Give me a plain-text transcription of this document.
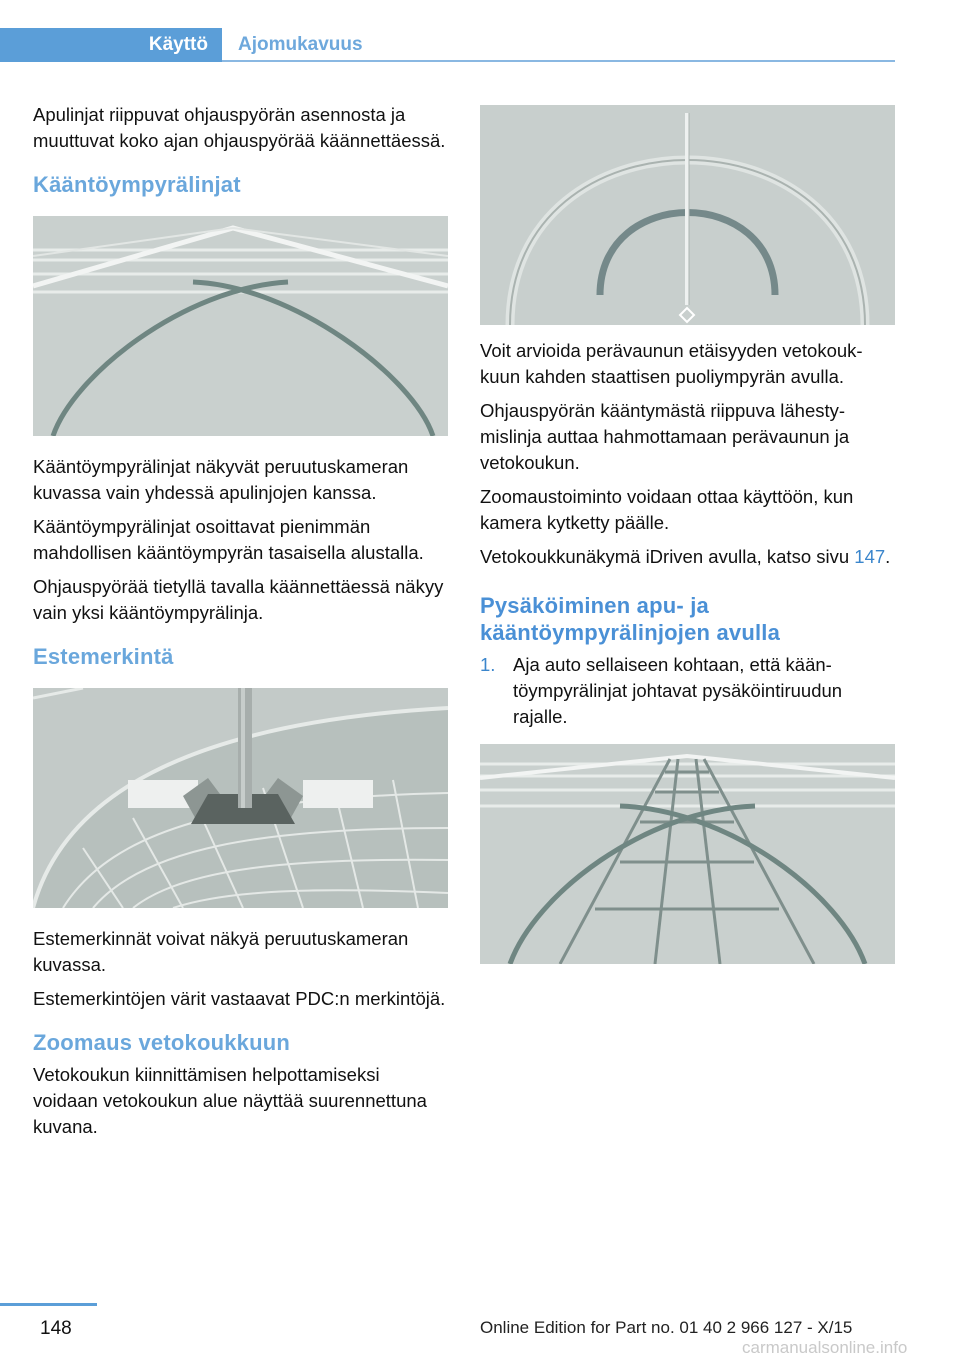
Käyttö	Ajomukavuus

Apulinjat riippuvat ohjauspyörän asennosta ja muuttuvat koko ajan ohjauspyörää käännettäessä.

Kääntöympyrälinjat

Kääntöympyrälinjat näkyvät peruutuskameran kuvassa vain yhdessä apulinjojen kanssa.

Kääntöympyrälinjat osoittavat pienimmän mahdollisen kääntöympyrän tasaisella alustalla.

Ohjauspyörää tietyllä tavalla käännettäessä näkyy vain yksi kääntöympyrälinja.

Estemerkintä

Estemerkinnät voivat näkyä peruutuskameran kuvassa.

Estemerkintöjen värit vastaavat PDC:n merkintöjä.

Zoomaus vetokoukkuun

Vetokoukun kiinnittämisen helpottamiseksi voidaan vetokoukun alue näyttää suurennettuna kuvana.

Voit arvioida perävaunun etäisyyden vetokoukkuun kahden staattisen puoliympyrän avulla.

Ohjauspyörän kääntymästä riippuva lähestymislinja auttaa hahmottamaan perävaunun ja vetokoukun.

Zoomaustoiminto voidaan ottaa käyttöön, kun kamera kytketty päälle.

Vetokoukkunäkymä iDriven avulla, katso sivu 147.

Pysäköiminen apu- ja kääntöympyrälinjojen avulla
1. Aja auto sellaiseen kohtaan, että kääntöympyrälinjat johtavat pysäköintiruudun rajalle.
148	Online Edition for Part no. 01 40 2 966 127 - X/15
carmanualsonline.info
